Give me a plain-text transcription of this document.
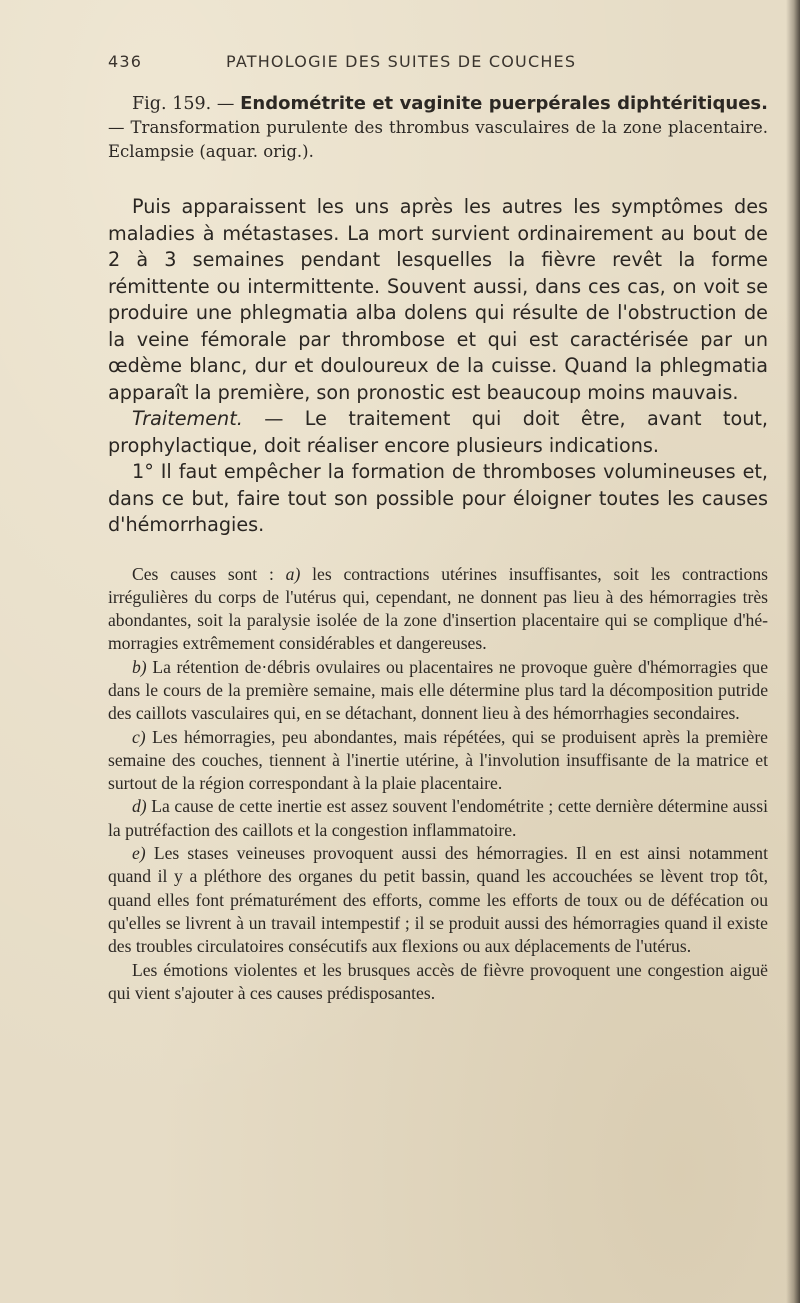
436	PATHOLOGIE DES SUITES DE COUCHES
Fig. 159. — Endométrite et vaginite puerpérales diphtéritiques. — Transformation purulente des thrombus vasculaires de la zone placentaire. Eclampsie (aquar. orig.).

Puis apparaissent les uns après les autres les symptômes des maladies à métastases. La mort survient ordinairement au bout de 2 à 3 semaines pendant lesquelles la fièvre revêt la forme rémittente ou intermittente. Souvent aussi, dans ces cas, on voit se produire une phlegmatia alba dolens qui résulte de l'obstruction de la veine fémorale par thrombose et qui est caractérisée par un œdème blanc, dur et douloureux de la cuisse. Quand la phlegmatia apparaît la première, son pronostic est beaucoup moins mauvais.

Traitement. — Le traitement qui doit être, avant tout, prophylactique, doit réaliser encore plusieurs indications.

1° Il faut empêcher la formation de thromboses volumineuses et, dans ce but, faire tout son possible pour éloigner toutes les causes d'hémorrhagies.

Ces causes sont : a) les contractions utérines insuffisantes, soit les contractions irrégulières du corps de l'utérus qui, cependant, ne donnent pas lieu à des hémorragies très abondantes, soit la paralysie isolée de la zone d'insertion placentaire qui se complique d'hémorragies extrêmement considérables et dangereuses.

b) La rétention de·débris ovulaires ou placentaires ne provoque guère d'hémorragies que dans le cours de la première semaine, mais elle détermine plus tard la décomposition putride des caillots vasculaires qui, en se détachant, donnent lieu à des hémorrhagies secondaires.

c) Les hémorragies, peu abondantes, mais répétées, qui se produisent après la première semaine des couches, tiennent à l'inertie utérine, à l'involution insuffisante de la matrice et surtout de la région correspondant à la plaie placentaire.

d) La cause de cette inertie est assez souvent l'endométrite ; cette dernière détermine aussi la putréfaction des caillots et la congestion inflammatoire.

e) Les stases veineuses provoquent aussi des hémorragies. Il en est ainsi notamment quand il y a pléthore des organes du petit bassin, quand les accouchées se lèvent trop tôt, quand elles font prématurément des efforts, comme les efforts de toux ou de défécation ou qu'elles se livrent à un travail intempestif ; il se produit aussi des hémorragies quand il existe des troubles circulatoires consécutifs aux flexions ou aux déplacements de l'utérus.

Les émotions violentes et les brusques accès de fièvre provoquent une congestion aiguë qui vient s'ajouter à ces causes prédisposantes.
